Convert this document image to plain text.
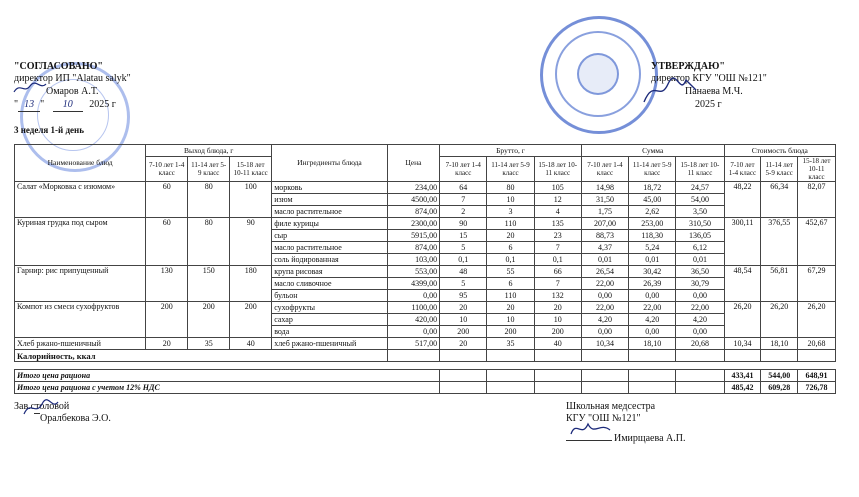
"СОГЛАСОВАНО"
директор ИП "Alatau salyk"
Омаров А.Т.
" 13 " 10 2025 г
3 неделя 1-й день
УТВЕРЖДАЮ"
директор КГУ "ОШ №121"
Панаева М.Ч.
2025 г
Наименование блюд	Выход блюда, г			Ингредиенты блюда	Цена	Брутто, г			Сумма			Стоимость блюда		
	7-10 лет 1-4 класс	11-14 лет 5-9 класс	15-18 лет 10-11 класс			7-10 лет 1-4 класс	11-14 лет 5-9 класс	15-18 лет 10-11 класс	7-10 лет 1-4 класс	11-14 лет 5-9 класс	15-18 лет 10-11 класс	7-10 лет 1-4 класс	11-14 лет 5-9 класс	15-18 лет 10-11 класс
Салат «Морковка с изюмом»	60	80	100	морковь	234,00	64	80	105	14,98	18,72	24,57	48,22	66,34	82,07
				изюм	4500,00	7	10	12	31,50	45,00	54,00			
				масло растительное	874,00	2	3	4	1,75	2,62	3,50			
Куриная грудка под сыром	60	80	90	филе курицы	2300,00	90	110	135	207,00	253,00	310,50	300,11	376,55	452,67
				сыр	5915,00	15	20	23	88,73	118,30	136,05			
				масло растительное	874,00	5	6	7	4,37	5,24	6,12			
				соль йодированная	103,00	0,1	0,1	0,1	0,01	0,01	0,01			
Гарнир: рис припущенный	130	150	180	крупа рисовая	553,00	48	55	66	26,54	30,42	36,50	48,54	56,81	67,29
				масло сливочное	4399,00	5	6	7	22,00	26,39	30,79			
				бульон	0,00	95	110	132	0,00	0,00	0,00			
Компот из смеси сухофруктов	200	200	200	сухофрукты	1100,00	20	20	20	22,00	22,00	22,00	26,20	26,20	26,20
				сахар	420,00	10	10	10	4,20	4,20	4,20			
				вода	0,00	200	200	200	0,00	0,00	0,00			
Хлеб ржано-пшеничный	20	35	40	хлеб ржано-пшеничный	517,00	20	35	40	10,34	18,10	20,68	10,34	18,10	20,68
Калорийность, ккал														

Итого цена рациона												433,41	544,00	648,91
Итого цена рациона с учетом 12% НДС												485,42	609,28	726,78
Зав.столовой
Оралбекова Э.О.
Школьная медсестра
КГУ "ОШ №121"
Имирщаева А.П.
